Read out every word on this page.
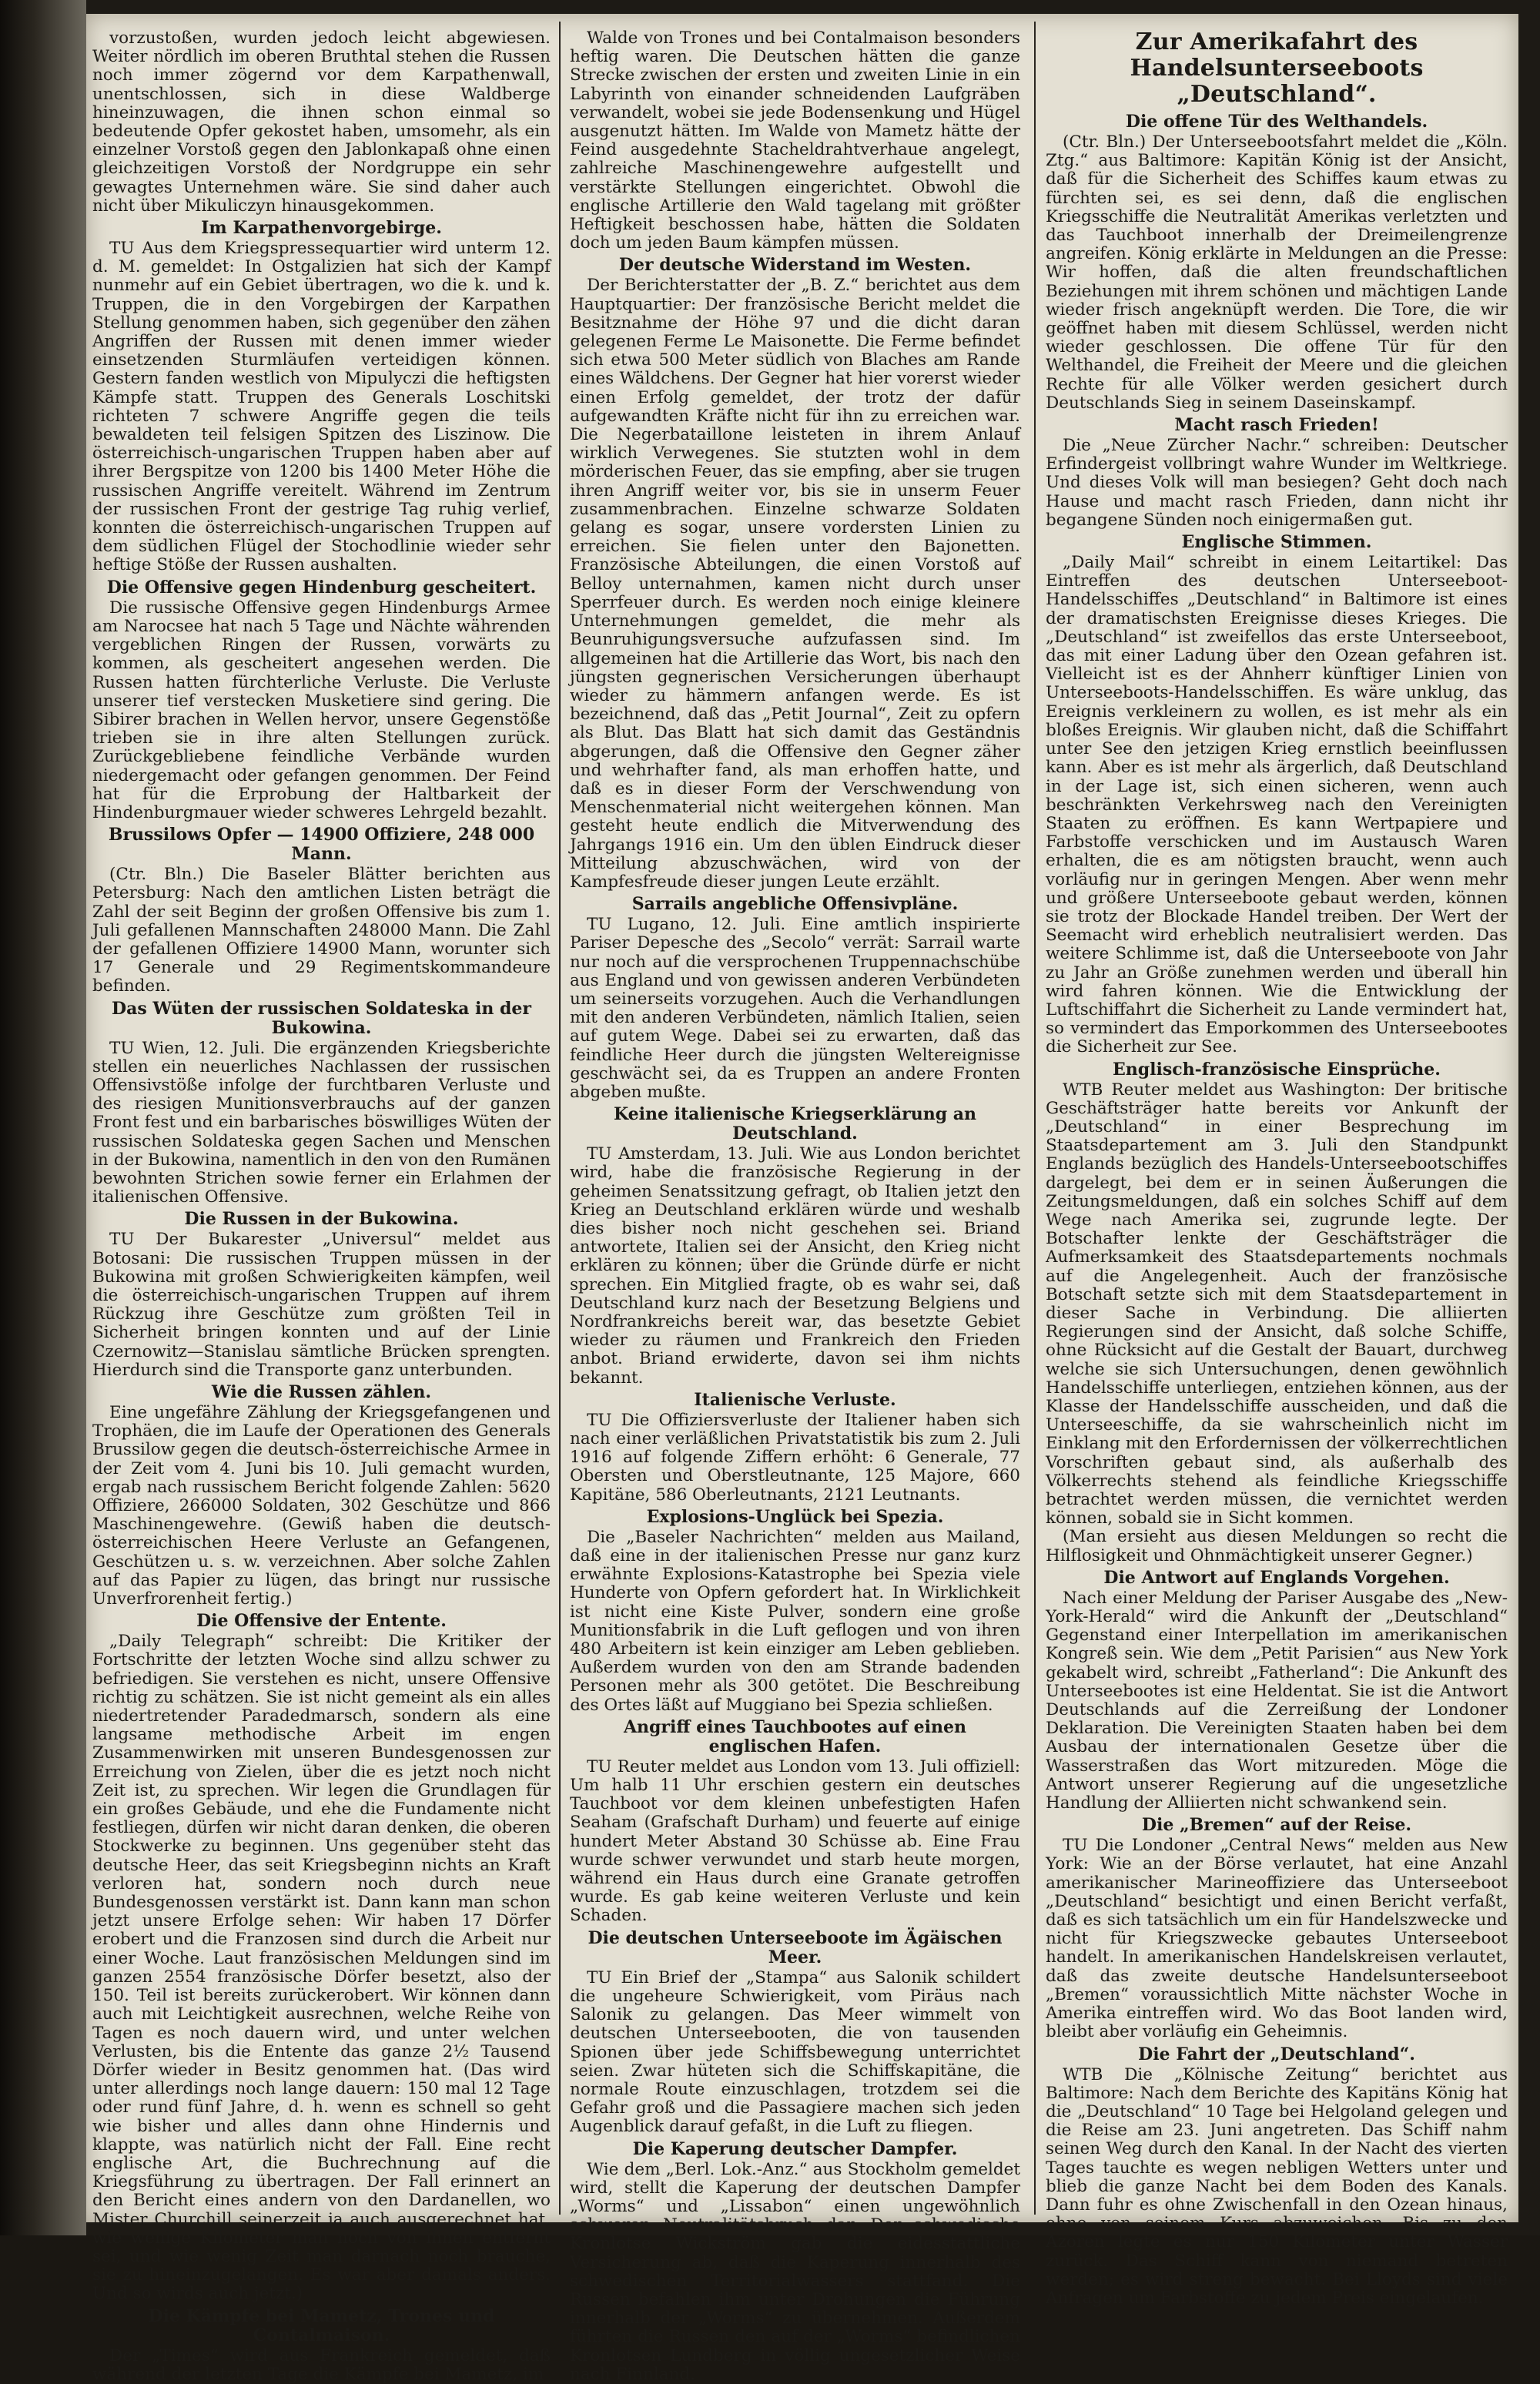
vorzustoßen, wurden jedoch leicht abgewiesen. Weiter nördlich im oberen Bruthtal stehen die Russen noch immer zögernd vor dem Karpathenwall, unentschlossen, sich in diese Waldberge hineinzuwagen, die ihnen schon einmal so bedeutende Opfer gekostet haben, umsomehr, als ein einzelner Vorstoß gegen den Jablonkapaß ohne einen gleichzeitigen Vorstoß der Nordgruppe ein sehr gewagtes Unternehmen wäre. Sie sind daher auch nicht über Mikuliczyn hinausgekommen.

Im Karpathenvorgebirge.

TU Aus dem Kriegspressequartier wird unterm 12. d. M. gemeldet: In Ostgalizien hat sich der Kampf nunmehr auf ein Gebiet übertragen, wo die k. und k. Truppen, die in den Vorgebirgen der Karpathen Stellung genommen haben, sich gegenüber den zähen Angriffen der Russen mit denen immer wieder einsetzenden Sturmläufen verteidigen können. Gestern fanden westlich von Mipulyczi die heftigsten Kämpfe statt. Truppen des Generals Loschitski richteten 7 schwere Angriffe gegen die teils bewaldeten teil felsigen Spitzen des Liszinow. Die österreichisch-ungarischen Truppen haben aber auf ihrer Bergspitze von 1200 bis 1400 Meter Höhe die russischen Angriffe vereitelt. Während im Zentrum der russischen Front der gestrige Tag ruhig verlief, konnten die österreichisch-ungarischen Truppen auf dem südlichen Flügel der Stochodlinie wieder sehr heftige Stöße der Russen aushalten.

Die Offensive gegen Hindenburg gescheitert.

Die russische Offensive gegen Hindenburgs Armee am Narocsee hat nach 5 Tage und Nächte währenden vergeblichen Ringen der Russen, vorwärts zu kommen, als gescheitert angesehen werden. Die Russen hatten fürchterliche Verluste. Die Verluste unserer tief verstecken Musketiere sind gering. Die Sibirer brachen in Wellen hervor, unsere Gegenstöße trieben sie in ihre alten Stellungen zurück. Zurückgebliebene feindliche Verbände wurden niedergemacht oder gefangen genommen. Der Feind hat für die Erprobung der Haltbarkeit der Hindenburgmauer wieder schweres Lehrgeld bezahlt.

Brussilows Opfer — 14900 Offiziere, 248 000 Mann.

(Ctr. Bln.) Die Baseler Blätter berichten aus Petersburg: Nach den amtlichen Listen beträgt die Zahl der seit Beginn der großen Offensive bis zum 1. Juli gefallenen Mannschaften 248000 Mann. Die Zahl der gefallenen Offiziere 14900 Mann, worunter sich 17 Generale und 29 Regimentskommandeure befinden.

Das Wüten der russischen Soldateska in der Bukowina.

TU Wien, 12. Juli. Die ergänzenden Kriegsberichte stellen ein neuerliches Nachlassen der russischen Offensivstöße infolge der furchtbaren Verluste und des riesigen Munitionsverbrauchs auf der ganzen Front fest und ein barbarisches böswilliges Wüten der russischen Soldateska gegen Sachen und Menschen in der Bukowina, namentlich in den von den Rumänen bewohnten Strichen sowie ferner ein Erlahmen der italienischen Offensive.

Die Russen in der Bukowina.

TU Der Bukarester „Universul“ meldet aus Botosani: Die russischen Truppen müssen in der Bukowina mit großen Schwierigkeiten kämpfen, weil die österreichisch-ungarischen Truppen auf ihrem Rückzug ihre Geschütze zum größten Teil in Sicherheit bringen konnten und auf der Linie Czernowitz—Stanislau sämtliche Brücken sprengten. Hierdurch sind die Transporte ganz unterbunden.

Wie die Russen zählen.

Eine ungefähre Zählung der Kriegsgefangenen und Trophäen, die im Laufe der Operationen des Generals Brussilow gegen die deutsch-österreichische Armee in der Zeit vom 4. Juni bis 10. Juli gemacht wurden, ergab nach russischem Bericht folgende Zahlen: 5620 Offiziere, 266000 Soldaten, 302 Geschütze und 866 Maschinengewehre. (Gewiß haben die deutsch-österreichischen Heere Verluste an Gefangenen, Geschützen u. s. w. verzeichnen. Aber solche Zahlen auf das Papier zu lügen, das bringt nur russische Unverfrorenheit fertig.)

Die Offensive der Entente.

„Daily Telegraph“ schreibt: Die Kritiker der Fortschritte der letzten Woche sind allzu schwer zu befriedigen. Sie verstehen es nicht, unsere Offensive richtig zu schätzen. Sie ist nicht gemeint als ein alles niedertretender Paradedmarsch, sondern als eine langsame methodische Arbeit im engen Zusammenwirken mit unseren Bundesgenossen zur Erreichung von Zielen, über die es jetzt noch nicht Zeit ist, zu sprechen. Wir legen die Grundlagen für ein großes Gebäude, und ehe die Fundamente nicht festliegen, dürfen wir nicht daran denken, die oberen Stockwerke zu beginnen. Uns gegenüber steht das deutsche Heer, das seit Kriegsbeginn nichts an Kraft verloren hat, sondern noch durch neue Bundesgenossen verstärkt ist. Dann kann man schon jetzt unsere Erfolge sehen: Wir haben 17 Dörfer erobert und die Franzosen sind durch die Arbeit nur einer Woche. Laut französischen Meldungen sind im ganzen 2554 französische Dörfer besetzt, also der 150. Teil ist bereits zurückerobert. Wir können dann auch mit Leichtigkeit ausrechnen, welche Reihe von Tagen es noch dauern wird, und unter welchen Verlusten, bis die Entente das ganze 2½ Tausend Dörfer wieder in Besitz genommen hat. (Das wird unter allerdings noch lange dauern: 150 mal 12 Tage oder rund fünf Jahre, d. h. wenn es schnell so geht wie bisher und alles dann ohne Hindernis und klappte, was natürlich nicht der Fall. Eine recht englische Art, die Buchrechnung auf die Kriegsführung zu übertragen. Der Fall erinnert an den Bericht eines andern von den Dardanellen, wo Mister Churchill seinerzeit ja auch ausgerechnet hat, wie wenige Kilometer man noch von ihnen entfernt sei, und wie wenig Zeit man darnach noch brauche, sie zu hineinzugelangen. Es war aber damals anders. Und so wirds auch jetzt.)

Die Kämpfe bei Mametz, Trones und Contalmaison.

Der „Times“ wird aus Frankreich gemeldet, daß während der letzten Tage die Kämpfe bei Mametz, im

Walde von Trones und bei Contalmaison besonders heftig waren. Die Deutschen hätten die ganze Strecke zwischen der ersten und zweiten Linie in ein Labyrinth von einander schneidenden Laufgräben verwandelt, wobei sie jede Bodensenkung und Hügel ausgenutzt hätten. Im Walde von Mametz hätte der Feind ausgedehnte Stacheldrahtverhaue angelegt, zahlreiche Maschinengewehre aufgestellt und verstärkte Stellungen eingerichtet. Obwohl die englische Artillerie den Wald tagelang mit größter Heftigkeit beschossen habe, hätten die Soldaten doch um jeden Baum kämpfen müssen.

Der deutsche Widerstand im Westen.

Der Berichterstatter der „B. Z.“ berichtet aus dem Hauptquartier: Der französische Bericht meldet die Besitznahme der Höhe 97 und die dicht daran gelegenen Ferme Le Maisonette. Die Ferme befindet sich etwa 500 Meter südlich von Blaches am Rande eines Wäldchens. Der Gegner hat hier vorerst wieder einen Erfolg gemeldet, der trotz der dafür aufgewandten Kräfte nicht für ihn zu erreichen war. Die Negerbataillone leisteten in ihrem Anlauf wirklich Verwegenes. Sie stutzten wohl in dem mörderischen Feuer, das sie empfing, aber sie trugen ihren Angriff weiter vor, bis sie in unserm Feuer zusammenbrachen. Einzelne schwarze Soldaten gelang es sogar, unsere vordersten Linien zu erreichen. Sie fielen unter den Bajonetten. Französische Abteilungen, die einen Vorstoß auf Belloy unternahmen, kamen nicht durch unser Sperrfeuer durch. Es werden noch einige kleinere Unternehmungen gemeldet, die mehr als Beunruhigungsversuche aufzufassen sind. Im allgemeinen hat die Artillerie das Wort, bis nach den jüngsten gegnerischen Versicherungen überhaupt wieder zu hämmern anfangen werde. Es ist bezeichnend, daß das „Petit Journal“, Zeit zu opfern als Blut. Das Blatt hat sich damit das Geständnis abgerungen, daß die Offensive den Gegner zäher und wehrhafter fand, als man erhoffen hatte, und daß es in dieser Form der Verschwendung von Menschenmaterial nicht weitergehen können. Man gesteht heute endlich die Mitverwendung des Jahrgangs 1916 ein. Um den üblen Eindruck dieser Mitteilung abzuschwächen, wird von der Kampfesfreude dieser jungen Leute erzählt.

Sarrails angebliche Offensivpläne.

TU Lugano, 12. Juli. Eine amtlich inspirierte Pariser Depesche des „Secolo“ verrät: Sarrail warte nur noch auf die versprochenen Truppennachschübe aus England und von gewissen anderen Verbündeten um seinerseits vorzugehen. Auch die Verhandlungen mit den anderen Verbündeten, nämlich Italien, seien auf gutem Wege. Dabei sei zu erwarten, daß das feindliche Heer durch die jüngsten Weltereignisse geschwächt sei, da es Truppen an andere Fronten abgeben mußte.

Keine italienische Kriegserklärung an Deutschland.

TU Amsterdam, 13. Juli. Wie aus London berichtet wird, habe die französische Regierung in der geheimen Senatssitzung gefragt, ob Italien jetzt den Krieg an Deutschland erklären würde und weshalb dies bisher noch nicht geschehen sei. Briand antwortete, Italien sei der Ansicht, den Krieg nicht erklären zu können; über die Gründe dürfe er nicht sprechen. Ein Mitglied fragte, ob es wahr sei, daß Deutschland kurz nach der Besetzung Belgiens und Nordfrankreichs bereit war, das besetzte Gebiet wieder zu räumen und Frankreich den Frieden anbot. Briand erwiderte, davon sei ihm nichts bekannt.

Italienische Verluste.

TU Die Offiziersverluste der Italiener haben sich nach einer verläßlichen Privatstatistik bis zum 2. Juli 1916 auf folgende Ziffern erhöht: 6 Generale, 77 Obersten und Oberstleutnante, 125 Majore, 660 Kapitäne, 586 Oberleutnants, 2121 Leutnants.

Explosions-Unglück bei Spezia.

Die „Baseler Nachrichten“ melden aus Mailand, daß eine in der italienischen Presse nur ganz kurz erwähnte Explosions-Katastrophe bei Spezia viele Hunderte von Opfern gefordert hat. In Wirklichkeit ist nicht eine Kiste Pulver, sondern eine große Munitionsfabrik in die Luft geflogen und von ihren 480 Arbeitern ist kein einziger am Leben geblieben. Außerdem wurden von den am Strande badenden Personen mehr als 300 getötet. Die Beschreibung des Ortes läßt auf Muggiano bei Spezia schließen.

Angriff eines Tauchbootes auf einen englischen Hafen.

TU Reuter meldet aus London vom 13. Juli offiziell: Um halb 11 Uhr erschien gestern ein deutsches Tauchboot vor dem kleinen unbefestigten Hafen Seaham (Grafschaft Durham) und feuerte auf einige hundert Meter Abstand 30 Schüsse ab. Eine Frau wurde schwer verwundet und starb heute morgen, während ein Haus durch eine Granate getroffen wurde. Es gab keine weiteren Verluste und kein Schaden.

Die deutschen Unterseeboote im Ägäischen Meer.

TU Ein Brief der „Stampa“ aus Salonik schildert die ungeheure Schwierigkeit, vom Piräus nach Salonik zu gelangen. Das Meer wimmelt von deutschen Unterseebooten, die von tausenden Spionen über jede Schiffsbewegung unterrichtet seien. Zwar hüteten sich die Schiffskapitäne, die normale Route einzuschlagen, trotzdem sei die Gefahr groß und die Passagiere machen sich jeden Augenblick darauf gefaßt, in die Luft zu fliegen.

Die Kaperung deutscher Dampfer.

Wie dem „Berl. Lok.-Anz.“ aus Stockholm gemeldet wird, stellt die Kaperung der deutschen Dampfer „Worms“ und „Lissabon“ einen ungewöhnlich schweren Neutralitätsbruch dar. Der schwedische Kronlotse Wickström gab die eidesstattliche Versicherung ab, daß die Kaperung innerhalb des schwedischen Territorialwassers stattfand. Die Russen befahlen ihm unter Drohungen die Führung innerhalb der „Worms“ zu übernehmen. Außerdem führten die Russen den auf der „Worms“ befindlichen Kronlotsen Lundberg in völlig ungesetzlicher Weise nach Finnland.

Zur Amerikafahrt des Handelsunterseeboots „Deutschland“.
Die offene Tür des Welthandels.

(Ctr. Bln.) Der Unterseebootsfahrt meldet die „Köln. Ztg.“ aus Baltimore: Kapitän König ist der Ansicht, daß für die Sicherheit des Schiffes kaum etwas zu fürchten sei, es sei denn, daß die englischen Kriegsschiffe die Neutralität Amerikas verletzten und das Tauchboot innerhalb der Dreimeilengrenze angreifen. König erklärte in Meldungen an die Presse: Wir hoffen, daß die alten freundschaftlichen Beziehungen mit ihrem schönen und mächtigen Lande wieder frisch angeknüpft werden. Die Tore, die wir geöffnet haben mit diesem Schlüssel, werden nicht wieder geschlossen. Die offene Tür für den Welthandel, die Freiheit der Meere und die gleichen Rechte für alle Völker werden gesichert durch Deutschlands Sieg in seinem Daseinskampf.

Macht rasch Frieden!

Die „Neue Zürcher Nachr.“ schreiben: Deutscher Erfindergeist vollbringt wahre Wunder im Weltkriege. Und dieses Volk will man besiegen? Geht doch nach Hause und macht rasch Frieden, dann nicht ihr begangene Sünden noch einigermaßen gut.

Englische Stimmen.

„Daily Mail“ schreibt in einem Leitartikel: Das Eintreffen des deutschen Unterseeboot-Handelsschiffes „Deutschland“ in Baltimore ist eines der dramatischsten Ereignisse dieses Krieges. Die „Deutschland“ ist zweifellos das erste Unterseeboot, das mit einer Ladung über den Ozean gefahren ist. Vielleicht ist es der Ahnherr künftiger Linien von Unterseeboots-Handelsschiffen. Es wäre unklug, das Ereignis verkleinern zu wollen, es ist mehr als ein bloßes Ereignis. Wir glauben nicht, daß die Schiffahrt unter See den jetzigen Krieg ernstlich beeinflussen kann. Aber es ist mehr als ärgerlich, daß Deutschland in der Lage ist, sich einen sicheren, wenn auch beschränkten Verkehrsweg nach den Vereinigten Staaten zu eröffnen. Es kann Wertpapiere und Farbstoffe verschicken und im Austausch Waren erhalten, die es am nötigsten braucht, wenn auch vorläufig nur in geringen Mengen. Aber wenn mehr und größere Unterseeboote gebaut werden, können sie trotz der Blockade Handel treiben. Der Wert der Seemacht wird erheblich neutralisiert werden. Das weitere Schlimme ist, daß die Unterseeboote von Jahr zu Jahr an Größe zunehmen werden und überall hin wird fahren können. Wie die Entwicklung der Luftschiffahrt die Sicherheit zu Lande vermindert hat, so vermindert das Emporkommen des Unterseebootes die Sicherheit zur See.

Englisch-französische Einsprüche.

WTB Reuter meldet aus Washington: Der britische Geschäftsträger hatte bereits vor Ankunft der „Deutschland“ in einer Besprechung im Staatsdepartement am 3. Juli den Standpunkt Englands bezüglich des Handels-Unterseebootschiffes dargelegt, bei dem er in seinen Äußerungen die Zeitungsmeldungen, daß ein solches Schiff auf dem Wege nach Amerika sei, zugrunde legte. Der Botschafter lenkte der Geschäftsträger die Aufmerksamkeit des Staatsdepartements nochmals auf die Angelegenheit. Auch der französische Botschaft setzte sich mit dem Staatsdepartement in dieser Sache in Verbindung. Die alliierten Regierungen sind der Ansicht, daß solche Schiffe, ohne Rücksicht auf die Gestalt der Bauart, durchweg welche sie sich Untersuchungen, denen gewöhnlich Handelsschiffe unterliegen, entziehen können, aus der Klasse der Handelsschiffe ausscheiden, und daß die Unterseeschiffe, da sie wahrscheinlich nicht im Einklang mit den Erfordernissen der völkerrechtlichen Vorschriften gebaut sind, als außerhalb des Völkerrechts stehend als feindliche Kriegsschiffe betrachtet werden müssen, die vernichtet werden können, sobald sie in Sicht kommen.

(Man ersieht aus diesen Meldungen so recht die Hilflosigkeit und Ohnmächtigkeit unserer Gegner.)

Die Antwort auf Englands Vorgehen.

Nach einer Meldung der Pariser Ausgabe des „New-York-Herald“ wird die Ankunft der „Deutschland“ Gegenstand einer Interpellation im amerikanischen Kongreß sein. Wie dem „Petit Parisien“ aus New York gekabelt wird, schreibt „Fatherland“: Die Ankunft des Unterseebootes ist eine Heldentat. Sie ist die Antwort Deutschlands auf die Zerreißung der Londoner Deklaration. Die Vereinigten Staaten haben bei dem Ausbau der internationalen Gesetze über die Wasserstraßen das Wort mitzureden. Möge die Antwort unserer Regierung auf die ungesetzliche Handlung der Alliierten nicht schwankend sein.

Die „Bremen“ auf der Reise.

TU Die Londoner „Central News“ melden aus New York: Wie an der Börse verlautet, hat eine Anzahl amerikanischer Marineoffiziere das Unterseeboot „Deutschland“ besichtigt und einen Bericht verfaßt, daß es sich tatsächlich um ein für Handelszwecke und nicht für Kriegszwecke gebautes Unterseeboot handelt. In amerikanischen Handelskreisen verlautet, daß das zweite deutsche Handelsunterseeboot „Bremen“ voraussichtlich Mitte nächster Woche in Amerika eintreffen wird. Wo das Boot landen wird, bleibt aber vorläufig ein Geheimnis.

Die Fahrt der „Deutschland“.

WTB Die „Kölnische Zeitung“ berichtet aus Baltimore: Nach dem Berichte des Kapitäns König hat die „Deutschland“ 10 Tage bei Helgoland gelegen und die Reise am 23. Juni angetreten. Das Schiff nahm seinen Weg durch den Kanal. In der Nacht des vierten Tages tauchte es wegen nebligen Wetters unter und blieb die ganze Nacht bei dem Boden des Kanals. Dann fuhr es ohne Zwischenfall in den Ozean hinaus, ohne von seinem Kurs abzuweichen. Bis zu den Azoren legte es nur 150 Kilometer unter Wasser zurück. Das Schiff kann von niemand betreten werden; es wird streng bewacht. Bei Lloyds sind viele Anfragen um Farbstoffe zu jedem Preis eingelaufen.
